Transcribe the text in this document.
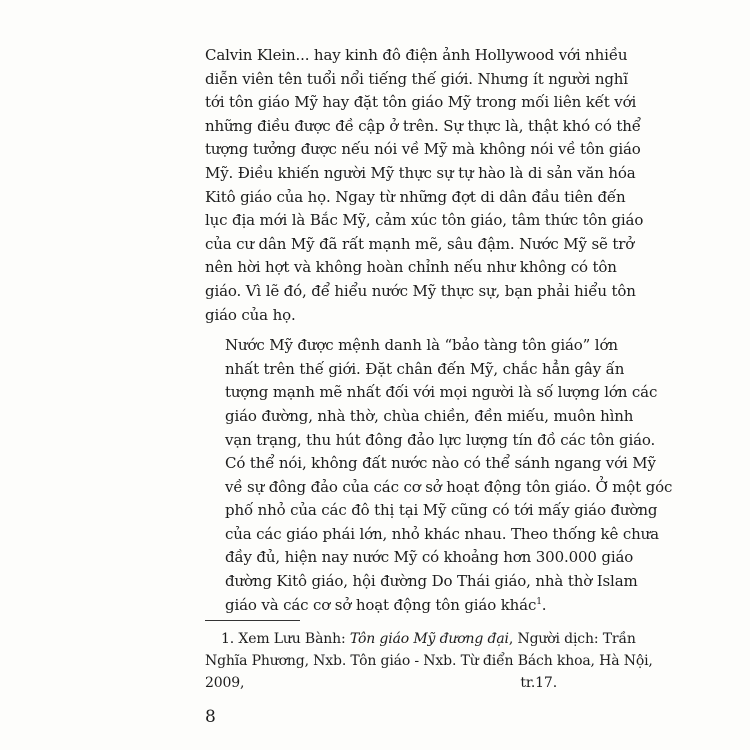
Calvin Klein... hay kinh đô điện ảnh Hollywood với nhiều
diễn viên tên tuổi nổi tiếng thế giới. Nhưng ít người nghĩ
tới tôn giáo Mỹ hay đặt tôn giáo Mỹ trong mối liên kết với
những điều được đề cập ở trên. Sự thực là, thật khó có thể
tượng tưởng được nếu nói về Mỹ mà không nói về tôn giáo
Mỹ. Điều khiến người Mỹ thực sự tự hào là di sản văn hóa
Kitô giáo của họ. Ngay từ những đợt di dân đầu tiên đến
lục địa mới là Bắc Mỹ, cảm xúc tôn giáo, tâm thức tôn giáo
của cư dân Mỹ đã rất mạnh mẽ, sâu đậm. Nước Mỹ sẽ trở
nên hời hợt và không hoàn chỉnh nếu như không có tôn
giáo. Vì lẽ đó, để hiểu nước Mỹ thực sự, bạn phải hiểu tôn
giáo của họ.

Nước Mỹ được mệnh danh là “bảo tàng tôn giáo” lớn
nhất trên thế giới. Đặt chân đến Mỹ, chắc hẳn gây ấn
tượng mạnh mẽ nhất đối với mọi người là số lượng lớn các
giáo đường, nhà thờ, chùa chiền, đền miếu, muôn hình
vạn trạng, thu hút đông đảo lực lượng tín đồ các tôn giáo.
Có thể nói, không đất nước nào có thể sánh ngang với Mỹ
về sự đông đảo của các cơ sở hoạt động tôn giáo. Ở một góc
phố nhỏ của các đô thị tại Mỹ cũng có tới mấy giáo đường
của các giáo phái lớn, nhỏ khác nhau. Theo thống kê chưa
đầy đủ, hiện nay nước Mỹ có khoảng hơn 300.000 giáo
đường Kitô giáo, hội đường Do Thái giáo, nhà thờ Islam
giáo và các cơ sở hoạt động tôn giáo khác$^1$.

1. Xem Lưu Bành: Tôn giáo Mỹ đương đại, Người dịch: Trần
Nghĩa Phương, Nxb. Tôn giáo - Nxb. Từ điển Bách khoa, Hà Nội,
2009, tr.17.
8
